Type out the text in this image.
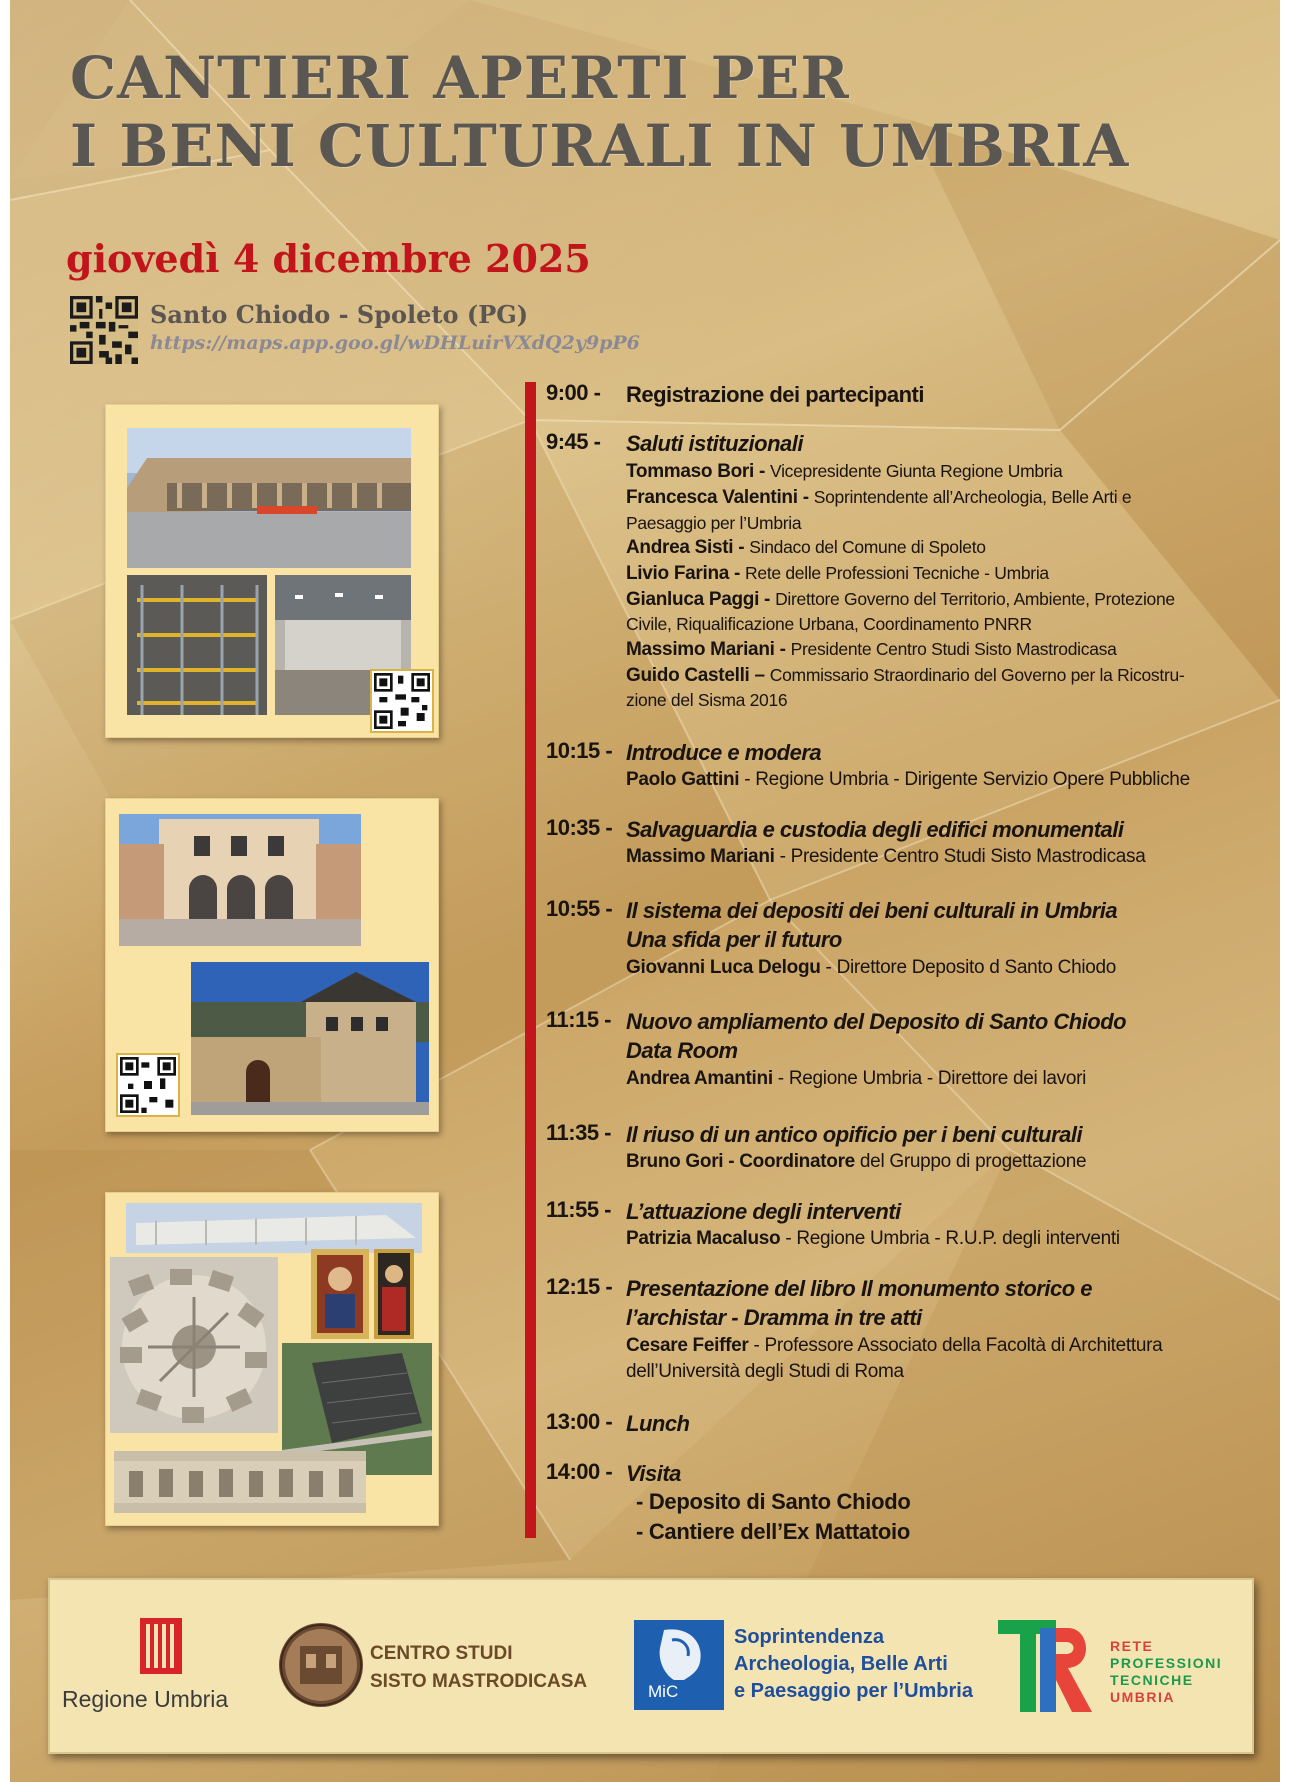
CANTIERI APERTI PER
I BENI CULTURALI IN UMBRIA
giovedì 4 dicembre 2025
Santo Chiodo - Spoleto (PG)
https://maps.app.goo.gl/wDHLuirVXdQ2y9pP6
9:00 - Registrazione dei partecipanti
9:45 - Saluti istituzionali
Tommaso Bori - Vicepresidente Giunta Regione Umbria
Francesca Valentini - Soprintendente all’Archeologia, Belle Arti e
Paesaggio per l’Umbria
Andrea Sisti - Sindaco del Comune di Spoleto
Livio Farina - Rete delle Professioni Tecniche - Umbria
Gianluca Paggi - Direttore Governo del Territorio, Ambiente, Protezione
Civile, Riqualificazione Urbana, Coordinamento PNRR
Massimo Mariani - Presidente Centro Studi Sisto Mastrodicasa
Guido Castelli – Commissario Straordinario del Governo per la Ricostru-
zione del Sisma 2016
10:15 - Introduce e modera
Paolo Gattini - Regione Umbria - Dirigente Servizio Opere Pubbliche
10:35 - Salvaguardia e custodia degli edifici monumentali
Massimo Mariani - Presidente Centro Studi Sisto Mastrodicasa
10:55 - Il sistema dei depositi dei beni culturali in Umbria
Una sfida per il futuro
Giovanni Luca Delogu - Direttore Deposito d Santo Chiodo
11:15 - Nuovo ampliamento del Deposito di Santo Chiodo
Data Room
Andrea Amantini - Regione Umbria - Direttore dei lavori
11:35 - Il riuso di un antico opificio per i beni culturali
Bruno Gori - Coordinatore del Gruppo di progettazione
11:55 - L’attuazione degli interventi
Patrizia Macaluso - Regione Umbria - R.U.P. degli interventi
12:15 - Presentazione del libro Il monumento storico e
l’archistar - Dramma in tre atti
Cesare Feiffer - Professore Associato della Facoltà di Architettura
dell’Università degli Studi di Roma
13:00 - Lunch
14:00 - Visita
- Deposito di Santo Chiodo
- Cantiere dell’Ex Mattatoio
Regione Umbria
CENTRO STUDI
SISTO MASTRODICASA	MiC
Soprintendenza
Archeologia, Belle Arti
e Paesaggio per l’Umbria
RETE
PROFESSIONI
TECNICHE
UMBRIA
